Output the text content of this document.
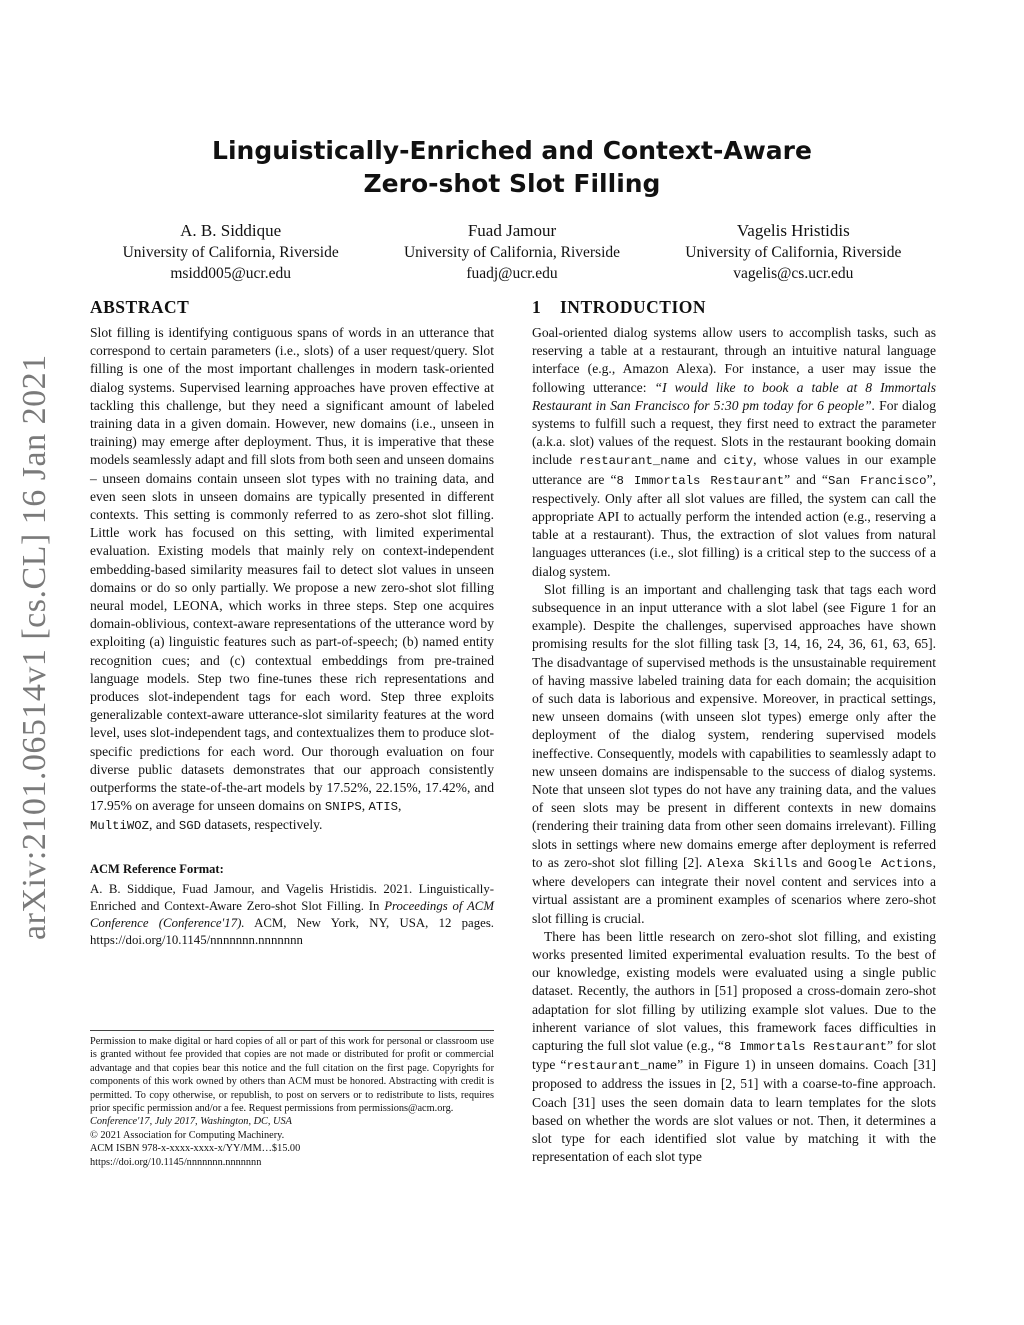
arXiv:2101.06514v1 [cs.CL] 16 Jan 2021
Linguistically-Enriched and Context-Aware
Zero-shot Slot Filling
A. B. Siddique
University of California, Riverside
msidd005@ucr.edu
Fuad Jamour
University of California, Riverside
fuadj@ucr.edu
Vagelis Hristidis
University of California, Riverside
vagelis@cs.ucr.edu
ABSTRACT

Slot filling is identifying contiguous spans of words in an utterance that correspond to certain parameters (i.e., slots) of a user request/query. Slot filling is one of the most important challenges in modern task-oriented dialog systems. Supervised learning approaches have proven effective at tackling this challenge, but they need a significant amount of labeled training data in a given domain. However, new domains (i.e., unseen in training) may emerge after deployment. Thus, it is imperative that these models seamlessly adapt and fill slots from both seen and unseen domains – unseen domains contain unseen slot types with no training data, and even seen slots in unseen domains are typically presented in different contexts. This setting is commonly referred to as zero-shot slot filling. Little work has focused on this setting, with limited experimental evaluation. Existing models that mainly rely on context-independent embedding-based similarity measures fail to detect slot values in unseen domains or do so only partially. We propose a new zero-shot slot filling neural model, LEONA, which works in three steps. Step one acquires domain-oblivious, context-aware representations of the utterance word by exploiting (a) linguistic features such as part-of-speech; (b) named entity recognition cues; and (c) contextual embeddings from pre-trained language models. Step two fine-tunes these rich representations and produces slot-independent tags for each word. Step three exploits generalizable context-aware utterance-slot similarity features at the word level, uses slot-independent tags, and contextualizes them to produce slot-specific predictions for each word. Our thorough evaluation on four diverse public datasets demonstrates that our approach consistently outperforms the state-of-the-art models by 17.52%, 22.15%, 17.42%, and 17.95% on average for unseen domains on SNIPS, ATIS,
MultiWOZ, and SGD datasets, respectively.

ACM Reference Format:

A. B. Siddique, Fuad Jamour, and Vagelis Hristidis. 2021. Linguistically-Enriched and Context-Aware Zero-shot Slot Filling. In Proceedings of ACM Conference (Conference'17). ACM, New York, NY, USA, 12 pages. https://doi.org/10.1145/nnnnnnn.nnnnnnn

Permission to make digital or hard copies of all or part of this work for personal or classroom use is granted without fee provided that copies are not made or distributed for profit or commercial advantage and that copies bear this notice and the full citation on the first page. Copyrights for components of this work owned by others than ACM must be honored. Abstracting with credit is permitted. To copy otherwise, or republish, to post on servers or to redistribute to lists, requires prior specific permission and/or a fee. Request permissions from permissions@acm.org.

Conference'17, July 2017, Washington, DC, USA
© 2021 Association for Computing Machinery.
ACM ISBN 978-x-xxxx-xxxx-x/YY/MM…$15.00
https://doi.org/10.1145/nnnnnnn.nnnnnnn
1 INTRODUCTION

Goal-oriented dialog systems allow users to accomplish tasks, such as reserving a table at a restaurant, through an intuitive natural language interface (e.g., Amazon Alexa). For instance, a user may issue the following utterance: “I would like to book a table at 8 Immortals Restaurant in San Francisco for 5:30 pm today for 6 people”. For dialog systems to fulfill such a request, they first need to extract the parameter (a.k.a. slot) values of the request. Slots in the restaurant booking domain include restaurant_name and city, whose values in our example utterance are “8 Immortals Restaurant” and “San Francisco”, respectively. Only after all slot values are filled, the system can call the appropriate API to actually perform the intended action (e.g., reserving a table at a restaurant). Thus, the extraction of slot values from natural languages utterances (i.e., slot filling) is a critical step to the success of a dialog system.

Slot filling is an important and challenging task that tags each word subsequence in an input utterance with a slot label (see Figure 1 for an example). Despite the challenges, supervised approaches have shown promising results for the slot filling task [3, 14, 16, 24, 36, 61, 63, 65]. The disadvantage of supervised methods is the unsustainable requirement of having massive labeled training data for each domain; the acquisition of such data is laborious and expensive. Moreover, in practical settings, new unseen domains (with unseen slot types) emerge only after the deployment of the dialog system, rendering supervised models ineffective. Consequently, models with capabilities to seamlessly adapt to new unseen domains are indispensable to the success of dialog systems. Note that unseen slot types do not have any training data, and the values of seen slots may be present in different contexts in new domains (rendering their training data from other seen domains irrelevant). Filling slots in settings where new domains emerge after deployment is referred to as zero-shot slot filling [2]. Alexa Skills and Google Actions, where developers can integrate their novel content and services into a virtual assistant are a prominent examples of scenarios where zero-shot slot filling is crucial.

There has been little research on zero-shot slot filling, and existing works presented limited experimental evaluation results. To the best of our knowledge, existing models were evaluated using a single public dataset. Recently, the authors in [51] proposed a cross-domain zero-shot adaptation for slot filling by utilizing example slot values. Due to the inherent variance of slot values, this framework faces difficulties in capturing the full slot value (e.g., “8 Immortals Restaurant” for slot type “restaurant_name” in Figure 1) in unseen domains. Coach [31] proposed to address the issues in [2, 51] with a coarse-to-fine approach. Coach [31] uses the seen domain data to learn templates for the slots based on whether the words are slot values or not. Then, it determines a slot type for each identified slot value by matching it with the representation of each slot type
